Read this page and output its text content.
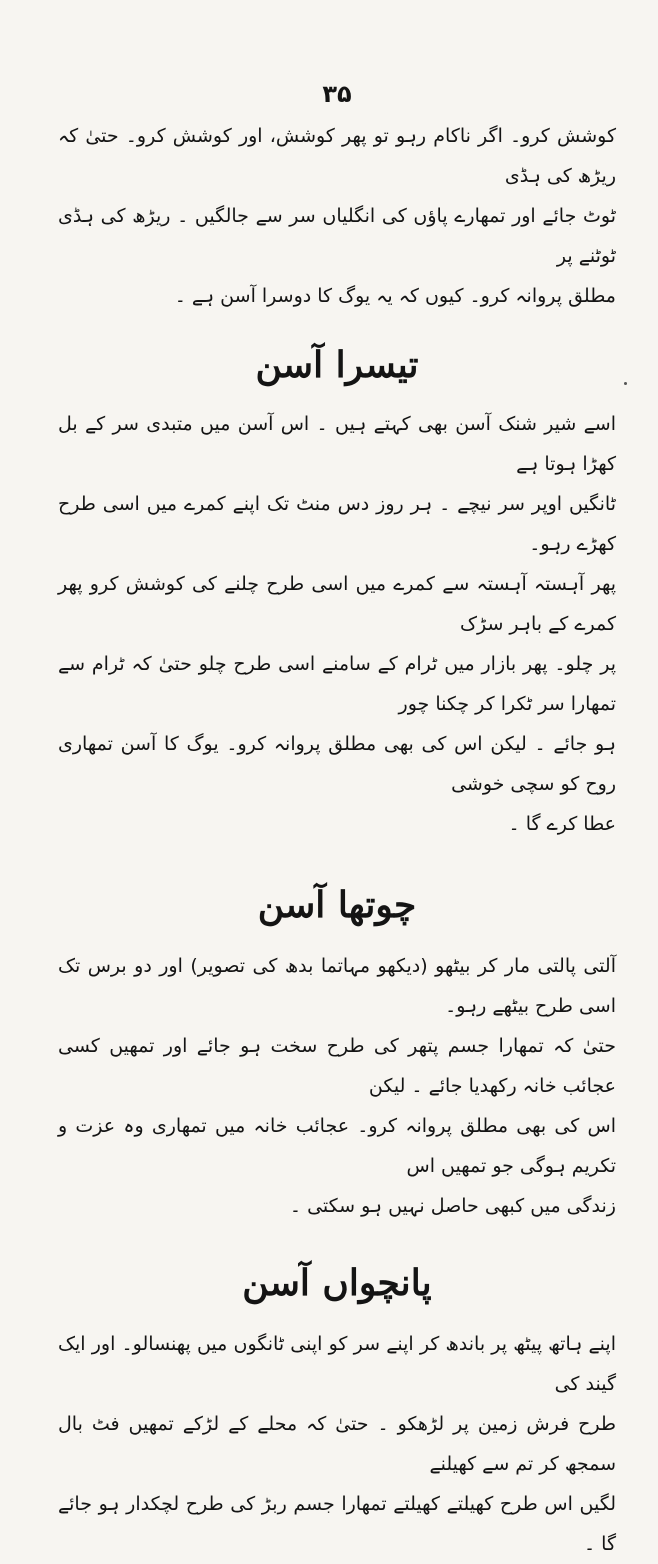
۳۵

کوشش کرو۔ اگر ناکام رہو تو پھر کوشش، اور کوشش کرو۔ حتیٰ کہ ریڑھ کی ہڈی

ٹوٹ جائے اور تمھارے پاؤں کی انگلیاں سر سے جالگیں ۔ ریڑھ کی ہڈی ٹوٹنے پر

مطلق پروانہ کرو۔ کیوں کہ یہ یوگ کا دوسرا آسن ہے ۔

تیسرا آسن

اسے شیر شنک آسن بھی کہتے ہیں ۔ اس آسن میں متبدی سر کے بل کھڑا ہوتا ہے

ٹانگیں اوپر سر نیچے ۔ ہر روز دس منٹ تک اپنے کمرے میں اسی طرح کھڑے رہو۔

پھر آہستہ آہستہ سے کمرے میں اسی طرح چلنے کی کوشش کرو پھر کمرے کے باہر سڑک

پر چلو۔ پھر بازار میں ٹرام کے سامنے اسی طرح چلو حتیٰ کہ ٹرام سے تمھارا سر ٹکرا کر چکنا چور

ہو جائے ۔ لیکن اس کی بھی مطلق پروانہ کرو۔ یوگ کا آسن تمھاری روح کو سچی خوشی

عطا کرے گا ۔

چوتھا آسن

آلتی پالتی مار کر بیٹھو (دیکھو مہاتما بدھ کی تصویر) اور دو برس تک اسی طرح بیٹھے رہو۔

حتیٰ کہ تمھارا جسم پتھر کی طرح سخت ہو جائے اور تمھیں کسی عجائب خانہ رکھدیا جائے ۔ لیکن

اس کی بھی مطلق پروانہ کرو۔ عجائب خانہ میں تمھاری وہ عزت و تکریم ہوگی جو تمھیں اس

زندگی میں کبھی حاصل نہیں ہو سکتی ۔

پانچواں آسن

اپنے ہاتھ پیٹھ پر باندھ کر اپنے سر کو اپنی ٹانگوں میں پھنسالو۔ اور ایک گیند کی

طرح فرش زمین پر لڑھکو ۔ حتیٰ کہ محلے کے لڑکے تمھیں فٹ بال سمجھ کر تم سے کھیلنے

لگیں اس طرح کھیلتے کھیلتے تمھارا جسم ربڑ کی طرح لچکدار ہو جائے گا ۔
